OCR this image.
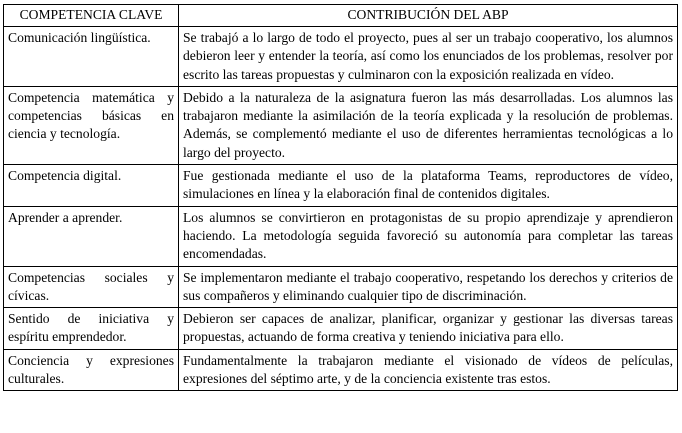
COMPETENCIA CLAVE	CONTRIBUCIÓN DEL ABP
Comunicación lingüística.	Se trabajó a lo largo de todo el proyecto, pues al ser un trabajo cooperativo, los alumnos debieron leer y entender la teoría, así como los enunciados de los problemas, resolver por escrito las tareas propuestas y culminaron con la exposición realizada en vídeo.
Competencia matemática y competencias básicas en ciencia y tecnología.	Debido a la naturaleza de la asignatura fueron las más desarrolladas. Los alumnos las trabajaron mediante la asimilación de la teoría explicada y la resolución de problemas. Además, se complementó mediante el uso de diferentes herramientas tecnológicas a lo largo del proyecto.
Competencia digital.	Fue gestionada mediante el uso de la plataforma Teams, reproductores de vídeo, simulaciones en línea y la elaboración final de contenidos digitales.
Aprender a aprender.	Los alumnos se convirtieron en protagonistas de su propio aprendizaje y aprendieron haciendo. La metodología seguida favoreció su autonomía para completar las tareas encomendadas.
Competencias sociales y cívicas.	Se implementaron mediante el trabajo cooperativo, respetando los derechos y criterios de sus compañeros y eliminando cualquier tipo de discriminación.
Sentido de iniciativa y espíritu emprendedor.	Debieron ser capaces de analizar, planificar, organizar y gestionar las diversas tareas propuestas, actuando de forma creativa y teniendo iniciativa para ello.
Conciencia y expresiones culturales.	Fundamentalmente la trabajaron mediante el visionado de vídeos de películas, expresiones del séptimo arte, y de la conciencia existente tras estos.
